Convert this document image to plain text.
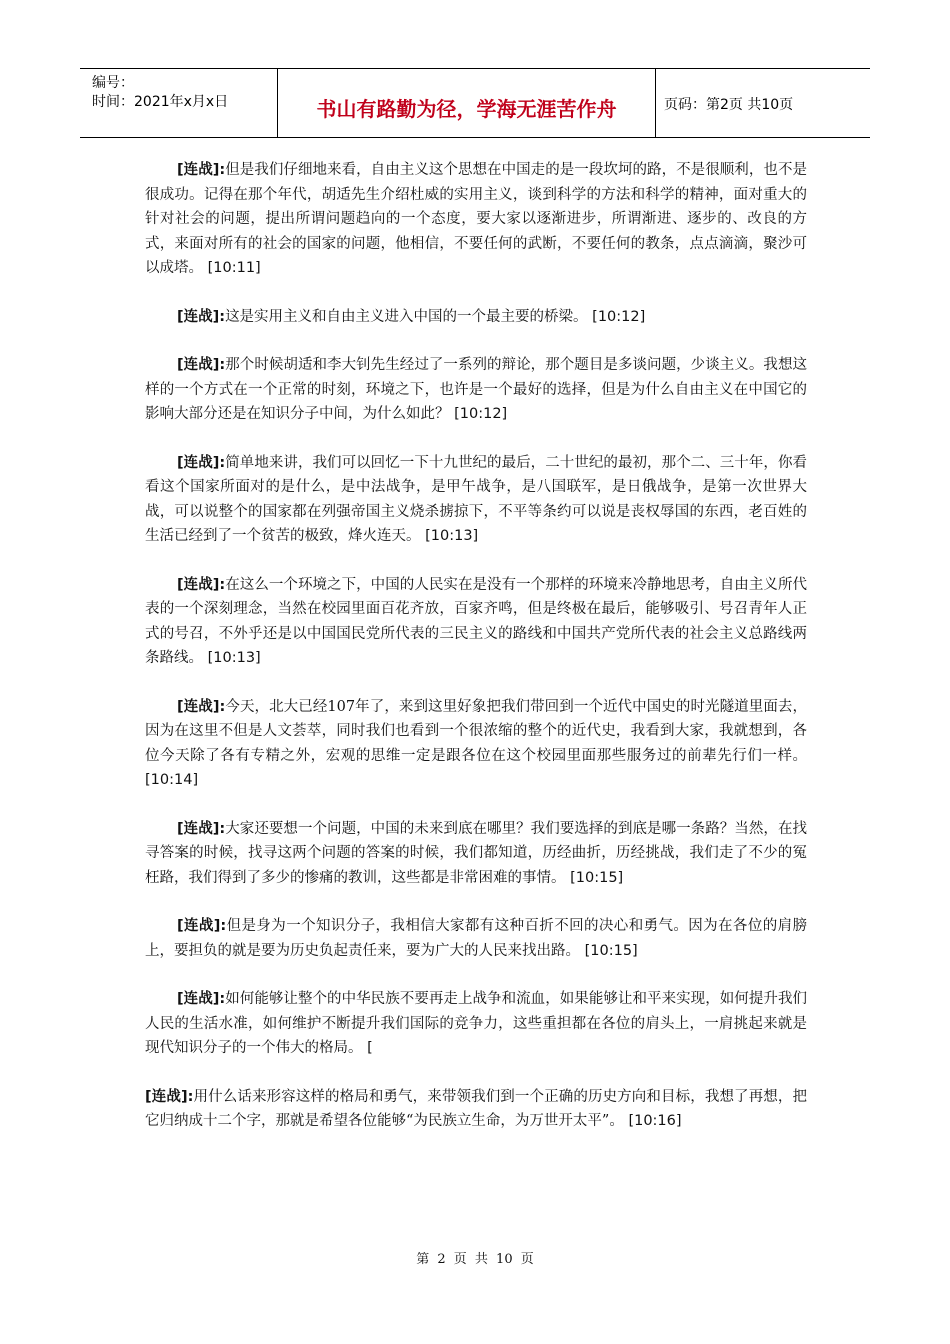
编号：
时间：2021年x月x日	书山有路勤为径，学海无涯苦作舟	页码：第2页 共10页

[连战]:但是我们仔细地来看，自由主义这个思想在中国走的是一段坎坷的路，不是很顺利，也不是很成功。记得在那个年代，胡适先生介绍杜威的实用主义，谈到科学的方法和科学的精神，面对重大的针对社会的问题，提出所谓问题趋向的一个态度，要大家以逐渐进步，所谓渐进、逐步的、改良的方式，来面对所有的社会的国家的问题，他相信，不要任何的武断，不要任何的教条，点点滴滴，聚沙可以成塔。 [10:11]

[连战]:这是实用主义和自由主义进入中国的一个最主要的桥梁。 [10:12]

[连战]:那个时候胡适和李大钊先生经过了一系列的辩论，那个题目是多谈问题，少谈主义。我想这样的一个方式在一个正常的时刻，环境之下，也许是一个最好的选择，但是为什么自由主义在中国它的影响大部分还是在知识分子中间，为什么如此？ [10:12]

[连战]:简单地来讲，我们可以回忆一下十九世纪的最后，二十世纪的最初，那个二、三十年，你看看这个国家所面对的是什么，是中法战争，是甲午战争，是八国联军，是日俄战争，是第一次世界大战，可以说整个的国家都在列强帝国主义烧杀掳掠下，不平等条约可以说是丧权辱国的东西，老百姓的生活已经到了一个贫苦的极致，烽火连天。 [10:13]

[连战]:在这么一个环境之下，中国的人民实在是没有一个那样的环境来冷静地思考，自由主义所代表的一个深刻理念，当然在校园里面百花齐放，百家齐鸣，但是终极在最后，能够吸引、号召青年人正式的号召，不外乎还是以中国国民党所代表的三民主义的路线和中国共产党所代表的社会主义总路线两条路线。 [10:13]

[连战]:今天，北大已经107年了，来到这里好象把我们带回到一个近代中国史的时光隧道里面去，因为在这里不但是人文荟萃，同时我们也看到一个很浓缩的整个的近代史，我看到大家，我就想到，各位今天除了各有专精之外，宏观的思维一定是跟各位在这个校园里面那些服务过的前辈先行们一样。 [10:14]

[连战]:大家还要想一个问题，中国的未来到底在哪里？我们要选择的到底是哪一条路？当然，在找寻答案的时候，找寻这两个问题的答案的时候，我们都知道，历经曲折，历经挑战，我们走了不少的冤枉路，我们得到了多少的惨痛的教训，这些都是非常困难的事情。 [10:15]

[连战]:但是身为一个知识分子，我相信大家都有这种百折不回的决心和勇气。因为在各位的肩膀上，要担负的就是要为历史负起责任来，要为广大的人民来找出路。 [10:15]

[连战]:如何能够让整个的中华民族不要再走上战争和流血，如果能够让和平来实现，如何提升我们人民的生活水准，如何维护不断提升我们国际的竞争力，这些重担都在各位的肩头上，一肩挑起来就是现代知识分子的一个伟大的格局。 [

[连战]:用什么话来形容这样的格局和勇气，来带领我们到一个正确的历史方向和目标，我想了再想，把它归纳成十二个字，那就是希望各位能够“为民族立生命，为万世开太平”。 [10:16]

第 2 页 共 10 页
